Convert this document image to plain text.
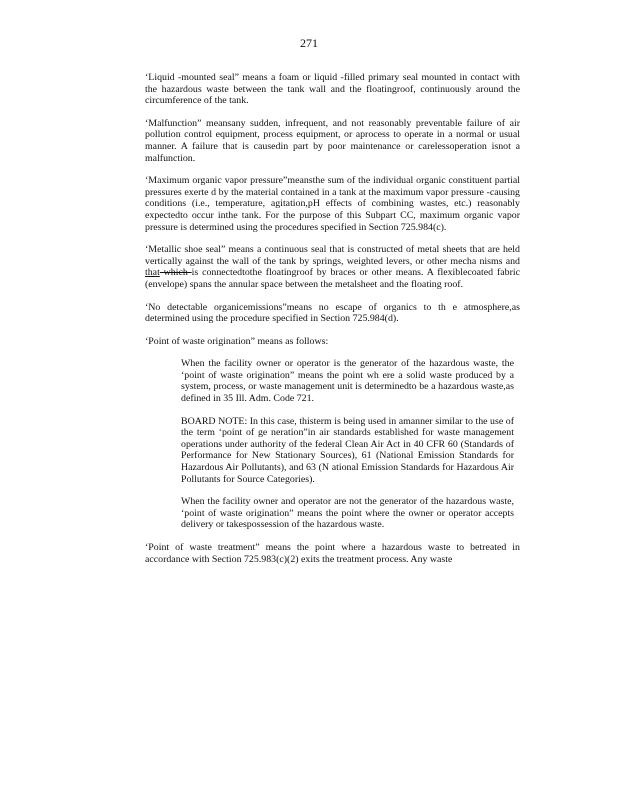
271

‘Liquid -mounted seal” means a foam or liquid -filled primary seal mounted in contact with the hazardous waste between the tank wall and the floatingroof, continuously around the circumference of the tank.

‘Malfunction” meansany sudden, infrequent, and not reasonably preventable failure of air pollution control equipment, process equipment, or aprocess to operate in a normal or usual manner. A failure that is causedin part by poor maintenance or carelessoperation isnot a malfunction.

‘Maximum organic vapor pressure”meansthe sum of the individual organic constituent partial pressures exerte d by the material contained in a tank at the maximum vapor pressure -causing conditions (i.e., temperature, agitation,pH effects of combining wastes, etc.) reasonably expectedto occur inthe tank. For the purpose of this Subpart CC, maximum organic vapor pressure is determined using the procedures specified in Section 725.984(c).

‘Metallic shoe seal” means a continuous seal that is constructed of metal sheets that are held vertically against the wall of the tank by springs, weighted levers, or other mecha nisms and that which is connectedtothe floatingroof by braces or other means. A flexiblecoated fabric (envelope) spans the annular space between the metalsheet and the floating roof.

‘No detectable organicemissions”means no escape of organics to th e atmosphere,as determined using the procedure specified in Section 725.984(d).

‘Point of waste origination” means as follows:

When the facility owner or operator is the generator of the hazardous waste, the ‘point of waste origination” means the point wh ere a solid waste produced by a system, process, or waste management unit is determinedto be a hazardous waste,as defined in 35 Ill. Adm. Code 721.

BOARD NOTE: In this case, thisterm is being used in amanner similar to the use of the term ‘point of ge neration”in air standards established for waste management operations under authority of the federal Clean Air Act in 40 CFR 60 (Standards of Performance for New Stationary Sources), 61 (National Emission Standards for Hazardous Air Pollutants), and 63 (N ational Emission Standards for Hazardous Air Pollutants for Source Categories).

When the facility owner and operator are not the generator of the hazardous waste, ‘point of waste origination” means the point where the owner or operator accepts delivery or takespossession of the hazardous waste.

‘Point of waste treatment” means the point where a hazardous waste to betreated in accordance with Section 725.983(c)(2) exits the treatment process. Any waste
